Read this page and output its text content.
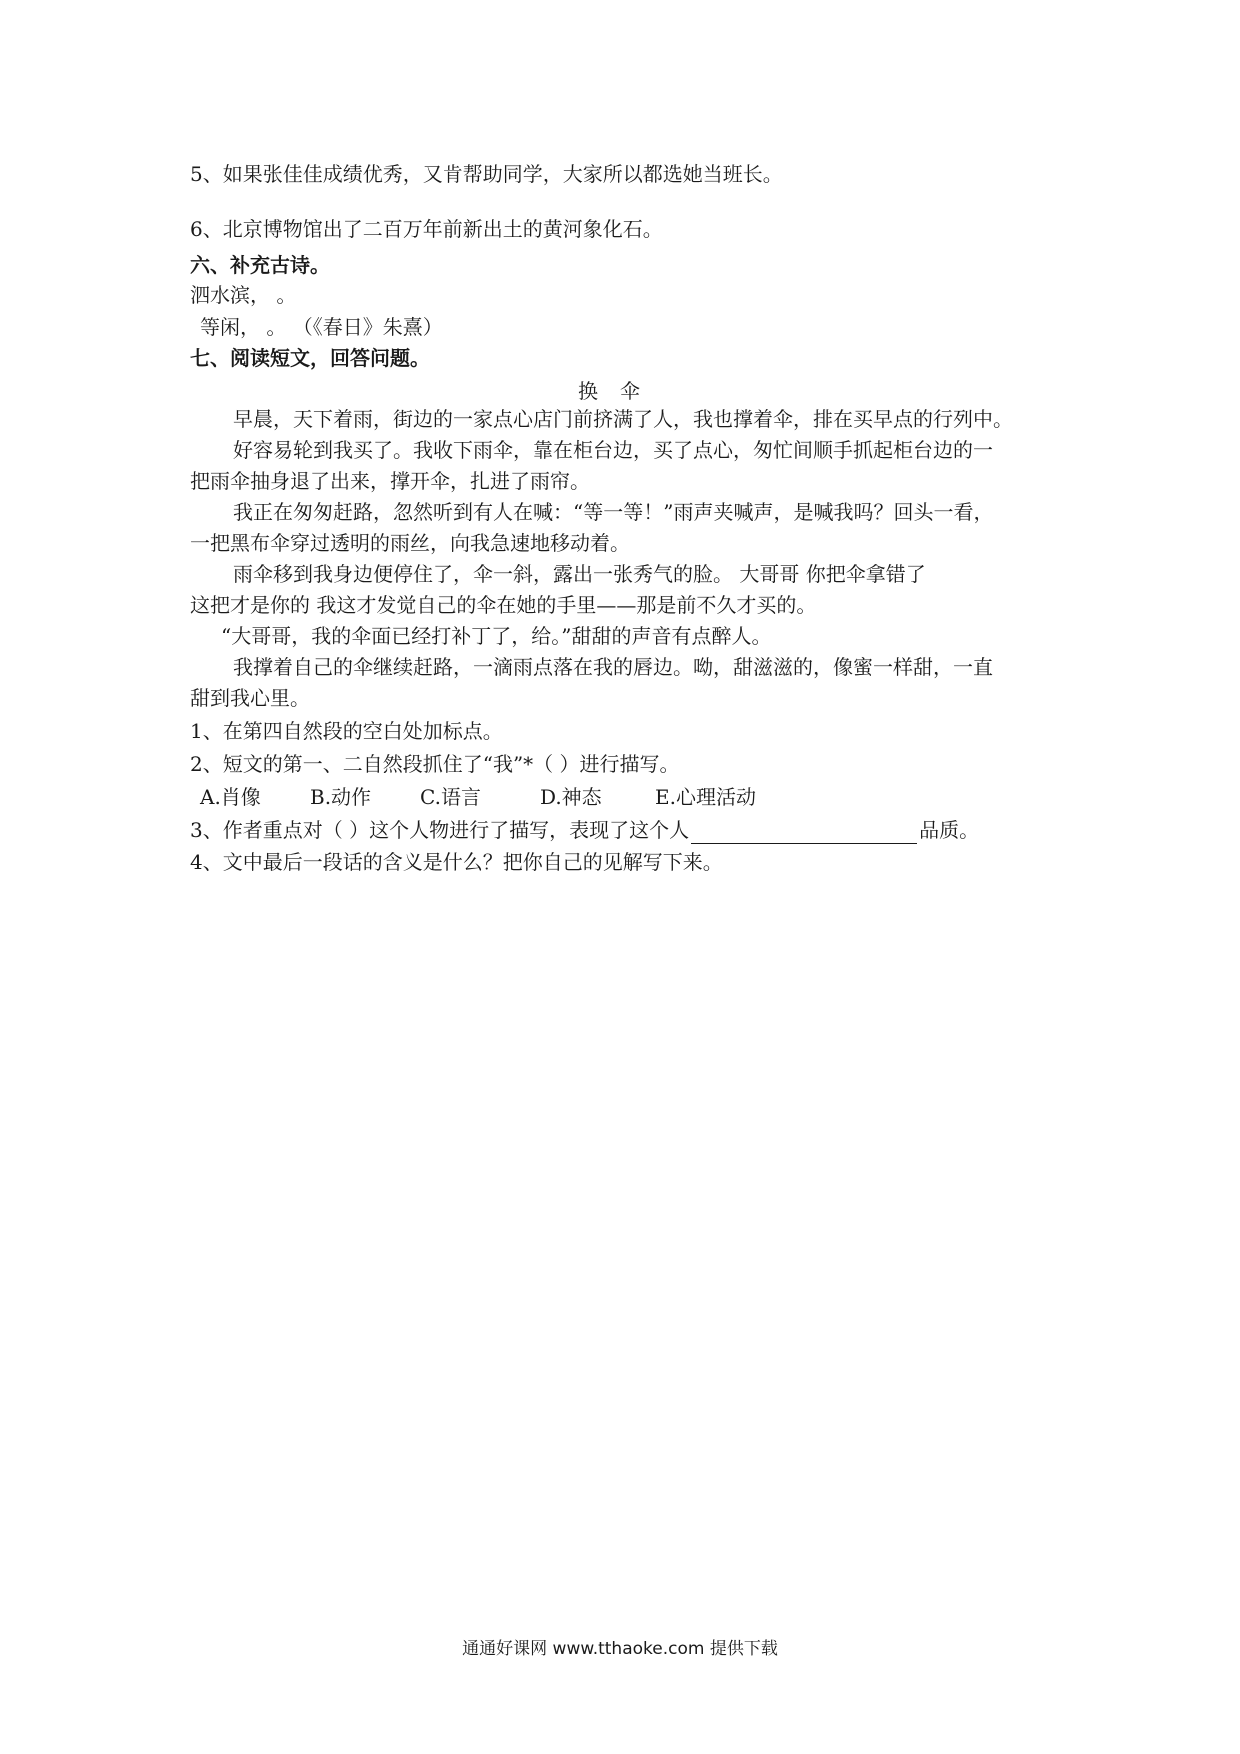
5、如果张佳佳成绩优秀，又肯帮助同学，大家所以都选她当班长。
6、北京博物馆出了二百万年前新出土的黄河象化石。
六、补充古诗。
泗水滨， 。
等闲， 。 （《春日》朱熹）
七、阅读短文，回答问题。
换伞
早晨，天下着雨，街边的一家点心店门前挤满了人，我也撑着伞，排在买早点的行列中。
好容易轮到我买了。我收下雨伞，靠在柜台边，买了点心，匆忙间顺手抓起柜台边的一
把雨伞抽身退了出来，撑开伞，扎进了雨帘。
我正在匆匆赶路，忽然听到有人在喊：“等一等！”雨声夹喊声，是喊我吗？回头一看，
一把黑布伞穿过透明的雨丝，向我急速地移动着。
雨伞移到我身边便停住了，伞一斜，露出一张秀气的脸。 大哥哥 你把伞拿错了
这把才是你的 我这才发觉自己的伞在她的手里——那是前不久才买的。
“大哥哥，我的伞面已经打补丁了，给。”甜甜的声音有点醉人。
我撑着自己的伞继续赶路，一滴雨点落在我的唇边。呦，甜滋滋的，像蜜一样甜，一直
甜到我心里。
1、在第四自然段的空白处加标点。
2、短文的第一、二自然段抓住了“我”*（ ）进行描写。
A.肖像 B.动作 C.语言	D.神态	E.心理活动
3、作者重点对（ ）这个人物进行了描写，表现了这个人	品质。
4、文中最后一段话的含义是什么？把你自己的见解写下来。
通通好课网 www.tthaoke.com 提供下载
